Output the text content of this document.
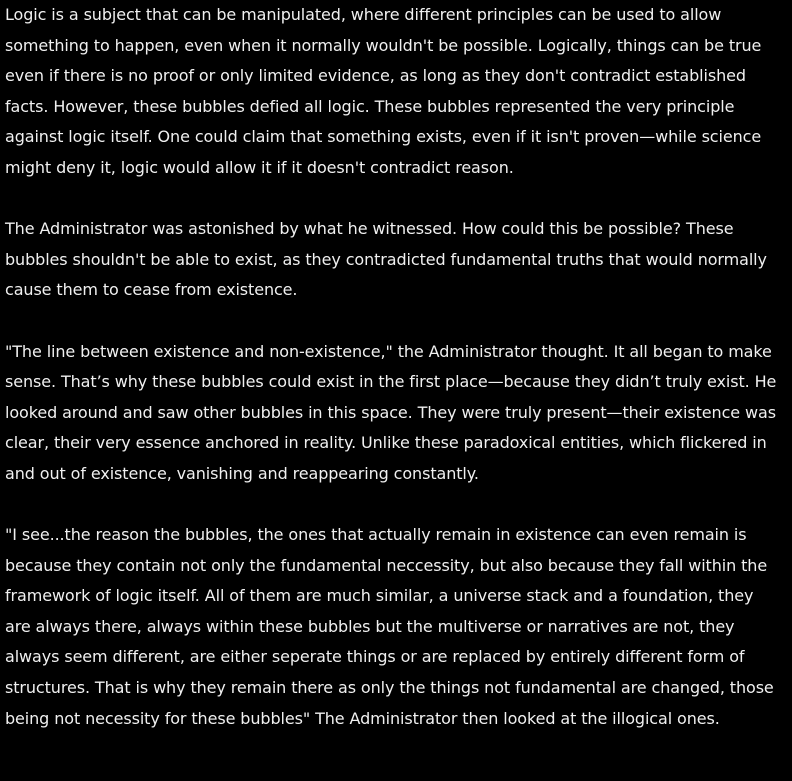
Logic is a subject that can be manipulated, where different principles can be used to allow something to happen, even when it normally wouldn't be possible. Logically, things can be true even if there is no proof or only limited evidence, as long as they don't contradict established facts. However, these bubbles defied all logic. These bubbles represented the very principle against logic itself. One could claim that something exists, even if it isn't proven—while science might deny it, logic would allow it if it doesn't contradict reason.

The Administrator was astonished by what he witnessed. How could this be possible? These bubbles shouldn't be able to exist, as they contradicted fundamental truths that would normally cause them to cease from existence.

"The line between existence and non-existence," the Administrator thought. It all began to make sense. That’s why these bubbles could exist in the first place—because they didn’t truly exist. He looked around and saw other bubbles in this space. They were truly present—their existence was clear, their very essence anchored in reality. Unlike these paradoxical entities, which flickered in and out of existence, vanishing and reappearing constantly.

"I see...the reason the bubbles, the ones that actually remain in existence can even remain is because they contain not only the fundamental neccessity, but also because they fall within the framework of logic itself. All of them are much similar, a universe stack and a foundation, they are always there, always within these bubbles but the multiverse or narratives are not, they always seem different, are either seperate things or are replaced by entirely different form of structures. That is why they remain there as only the things not fundamental are changed, those being not necessity for these bubbles" The Administrator then looked at the illogical ones.
